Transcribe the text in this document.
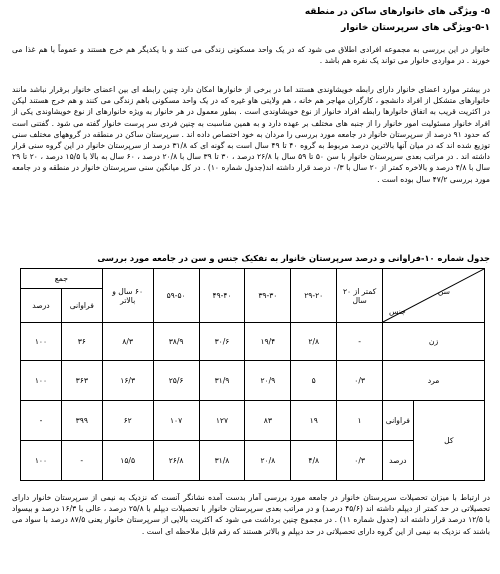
۵- ویژگی های خانوارهای ساکن در منطقه
۵-۱-ویژگی های سرپرستان خانوار

خانوار در این بررسی به مجموعه افرادی اطلاق می شود که در یک واحد مسکونی زندگی می کنند و با یکدیگر هم خرج هستند و عموماً با هم غذا می خورند . در مواردی خانوار می تواند یک نفره هم باشد .

در بیشتر موارد اعضای خانوار دارای رابطه خویشاوندی هستند اما در برخی از خانوارها امکان دارد چنین رابطه ای بین اعضای خانوار برقرار نباشد مانند خانوارهای متشکل از افراد دانشجو ، کارگران مهاجر هم خانه ، هم ولایتی هاو غیره که در یک واحد مسکونی باهم زندگی می کنند و هم خرج هستند لیکن در اکثریت قریب به اتفاق خانوارها رابطه افراد خانوار از نوع خویشاوندی است . بطور معمول در هر خانوار به ویژه خانوارهای از نوع خویشاوندی یکی از افراد خانوار مسئولیت امور خانوار را از جنبه های مختلف بر عهده دارد و به همین مناسبت به چنین فردی سر پرست خانوار گفته می شود . گفتنی است که حدود ۹۱ درصد از سرپرستان خانوار در جامعه مورد بررسی را مردان به خود اختصاص داده اند . سرپرستان ساکن در منطقه در گروههای مختلف سنی توزیع شده اند که در میان آنها بالاترین درصد مربوط به گروه ۴۰ تا ۴۹ سال است به گونه ای که ۳۱/۸ درصد از سرپرستان خانوار در این گروه سنی قرار داشته اند . در مراتب بعدی سرپرستان خانوار با سن ۵۰ تا ۵۹ سال با ۲۶/۸ درصد ، ۳۰ تا ۳۹ سال با ۲۰/۸ درصد ، ۶۰ سال به بالا با ۱۵/۵ درصد ، ۲۰ تا ۲۹ سال با ۴/۸ درصد و بالاخره کمتر از ۲۰ سال با ۰/۳ درصد قرار داشته اند(جدول شماره ۱۰) . در کل میانگین سنی سرپرستان خانوار در منطقه و در جامعه مورد بررسی ۴۷/۲ سال بوده است .

جدول شماره ۱۰-فراوانی و درصد سرپرستان خانوار به تفکیک جنس و سن در جامعه مورد بررسی
سن
جنس		کمتر از ۲۰ سال	۲۹-۲۰	۳۹-۳۰	۴۹-۴۰	۵۹-۵۰	۶۰ سال و بالاتر	جمع	
								فراوانی	درصد
زن		-	۲/۸	۱۹/۴	۳۰/۶	۳۸/۹	۸/۳	۳۶	۱۰۰
مرد		۰/۳	۵	۲۰/۹	۳۱/۹	۲۵/۶	۱۶/۳	۳۶۳	۱۰۰
کل	فراوانی	۱	۱۹	۸۳	۱۲۷	۱۰۷	۶۲	۳۹۹	-
	درصد	۰/۳	۴/۸	۲۰/۸	۳۱/۸	۲۶/۸	۱۵/۵	-	۱۰۰

در ارتباط با میزان تحصیلات سرپرستان خانوار در جامعه مورد بررسی آمار بدست آمده نشانگر آنست که نزدیک به نیمی از سرپرستان خانوار دارای تحصیلاتی در حد کمتر از دیپلم داشته اند (۴۵/۶ درصد) و در مراتب بعدی سرپرستان خانوار با تحصیلات دیپلم با ۲۵/۸ درصد ، عالی با ۱۶/۳ درصد و بیسواد با ۱۲/۵ درصد قرار داشته اند (جدول شماره ۱۱) . در مجموع چنین برداشت می شود که اکثریت بالایی از سرپرستان خانوار یعنی ۸۷/۵ درصد با سواد می باشند که نزدیک به نیمی از این گروه دارای تحصیلاتی در حد دیپلم و بالاتر هستند که رقم قابل ملاحظه ای است .
